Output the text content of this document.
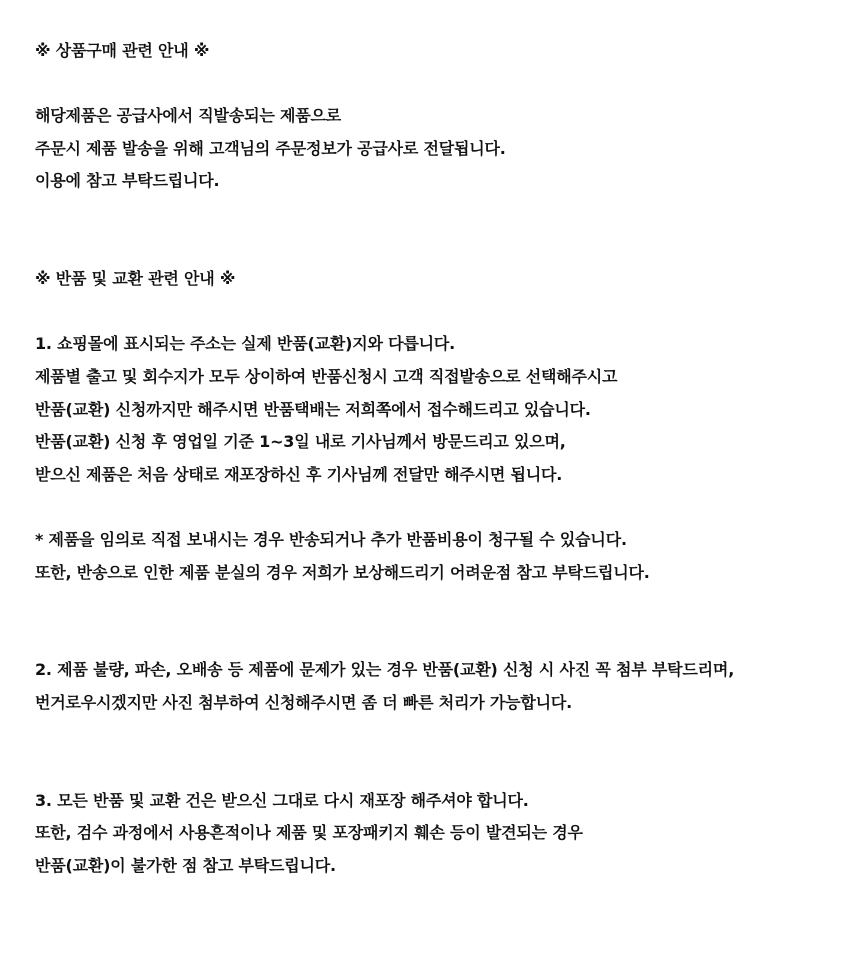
※ 상품구매 관련 안내 ※
해당제품은 공급사에서 직발송되는 제품으로
주문시 제품 발송을 위해 고객님의 주문정보가 공급사로 전달됩니다.
이용에 참고 부탁드립니다.
※ 반품 및 교환 관련 안내 ※
1. 쇼핑몰에 표시되는 주소는 실제 반품(교환)지와 다릅니다.
제품별 출고 및 회수지가 모두 상이하여 반품신청시 고객 직접발송으로 선택해주시고
반품(교환) 신청까지만 해주시면 반품택배는 저희쪽에서 접수해드리고 있습니다.
반품(교환) 신청 후 영업일 기준 1~3일 내로 기사님께서 방문드리고 있으며,
받으신 제품은 처음 상태로 재포장하신 후 기사님께 전달만 해주시면 됩니다.
* 제품을 임의로 직접 보내시는 경우 반송되거나 추가 반품비용이 청구될 수 있습니다.
또한, 반송으로 인한 제품 분실의 경우 저희가 보상해드리기 어려운점 참고 부탁드립니다.
2. 제품 불량, 파손, 오배송 등 제품에 문제가 있는 경우 반품(교환) 신청 시 사진 꼭 첨부 부탁드리며,
번거로우시겠지만 사진 첨부하여 신청해주시면 좀 더 빠른 처리가 가능합니다.
3. 모든 반품 및 교환 건은 받으신 그대로 다시 재포장 해주셔야 합니다.
또한, 검수 과정에서 사용흔적이나 제품 및 포장패키지 훼손 등이 발견되는 경우
반품(교환)이 불가한 점 참고 부탁드립니다.
